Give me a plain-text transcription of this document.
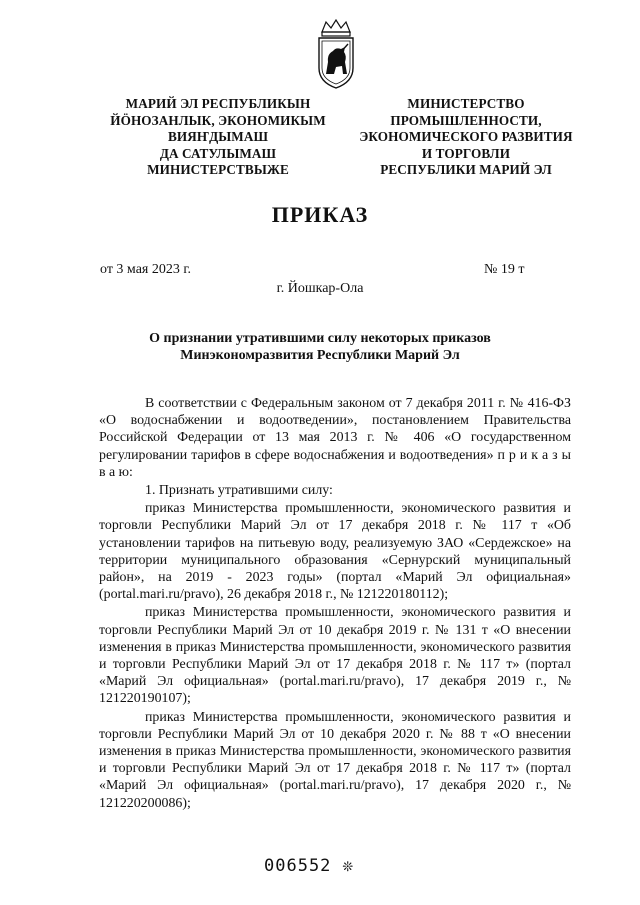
МАРИЙ ЭЛ РЕСПУБЛИКЫН
ЙӦНОЗАНЛЫК, ЭКОНОМИКЫМ
ВИЯҤДЫМАШ
ДА САТУЛЫМАШ
МИНИСТЕРСТВЫЖЕ
МИНИСТЕРСТВО
ПРОМЫШЛЕННОСТИ,
ЭКОНОМИЧЕСКОГО РАЗВИТИЯ
И ТОРГОВЛИ
РЕСПУБЛИКИ МАРИЙ ЭЛ
ПРИКАЗ
от 3 мая 2023 г.	№ 19 т
г. Йошкар-Ола
О признании утратившими силу некоторых приказов
Минэкономразвития Республики Марий Эл

В соответствии с Федеральным законом от 7 декабря 2011 г. № 416-ФЗ «О водоснабжении и водоотведении», постановлением Правительства Российской Федерации от 13 мая 2013 г. № 406 «О государственном регулировании тарифов в сфере водоснабжения и водоотведения» п р и к а з ы в а ю:

1. Признать утратившими силу:

приказ Министерства промышленности, экономического развития и торговли Республики Марий Эл от 17 декабря 2018 г. № 117 т «Об установлении тарифов на питьевую воду, реализуемую ЗАО «Сердежское» на территории муниципального образования «Сернурский муниципальный район», на 2019 - 2023 годы» (портал «Марий Эл официальная» (portal.mari.ru/pravo), 26 декабря 2018 г., № 121220180112);

приказ Министерства промышленности, экономического развития и торговли Республики Марий Эл от 10 декабря 2019 г. № 131 т «О внесении изменения в приказ Министерства промышленности, экономического развития и торговли Республики Марий Эл от 17 декабря 2018 г. № 117 т» (портал «Марий Эл официальная» (portal.mari.ru/pravo), 17 декабря 2019 г., № 121220190107);

приказ Министерства промышленности, экономического развития и торговли Республики Марий Эл от 10 декабря 2020 г. № 88 т «О внесении изменения в приказ Министерства промышленности, экономического развития и торговли Республики Марий Эл от 17 декабря 2018 г. № 117 т» (портал «Марий Эл официальная» (portal.mari.ru/pravo), 17 декабря 2020 г., № 121220200086);

006552 ❊
